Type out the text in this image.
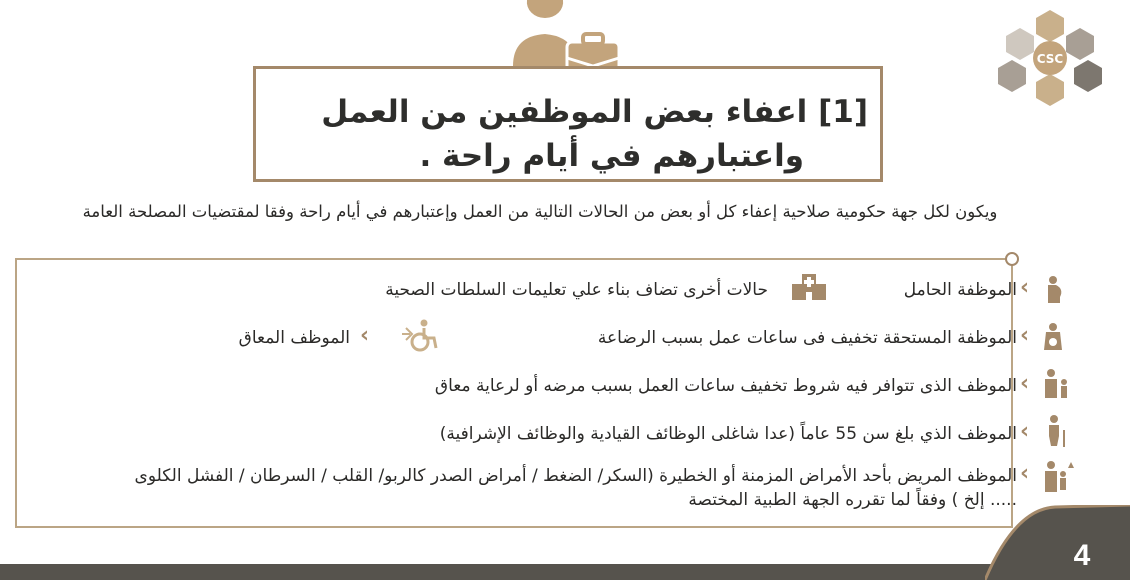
CSC
[1] اعفاء بعض الموظفين من العمل
واعتبارهم في أيام راحة .

ويكون لكل جهة حكومية صلاحية إعفاء كل أو بعض من الحالات التالية من العمل وإعتبارهم في أيام راحة وفقا لمقتضيات المصلحة العامة

‹

الموظفة الحامل

حالات أخرى تضاف بناء علي تعليمات السلطات الصحية

‹

الموظفة المستحقة تخفيف فى ساعات عمل بسبب الرضاعة

‹

الموظف المعاق

‹

الموظف الذى تتوافر فيه شروط تخفيف ساعات العمل بسبب مرضه أو لرعاية معاق

‹

الموظف الذي بلغ سن 55 عاماً (عدا شاغلى الوظائف القيادية والوظائف الإشرافية)

‹

الموظف المريض بأحد الأمراض المزمنة أو الخطيرة (السكر/ الضغط / أمراض الصدر كالربو/ القلب / السرطان / الفشل الكلوى ..... إلخ ) وفقاً لما تقرره الجهة الطبية المختصة

4
